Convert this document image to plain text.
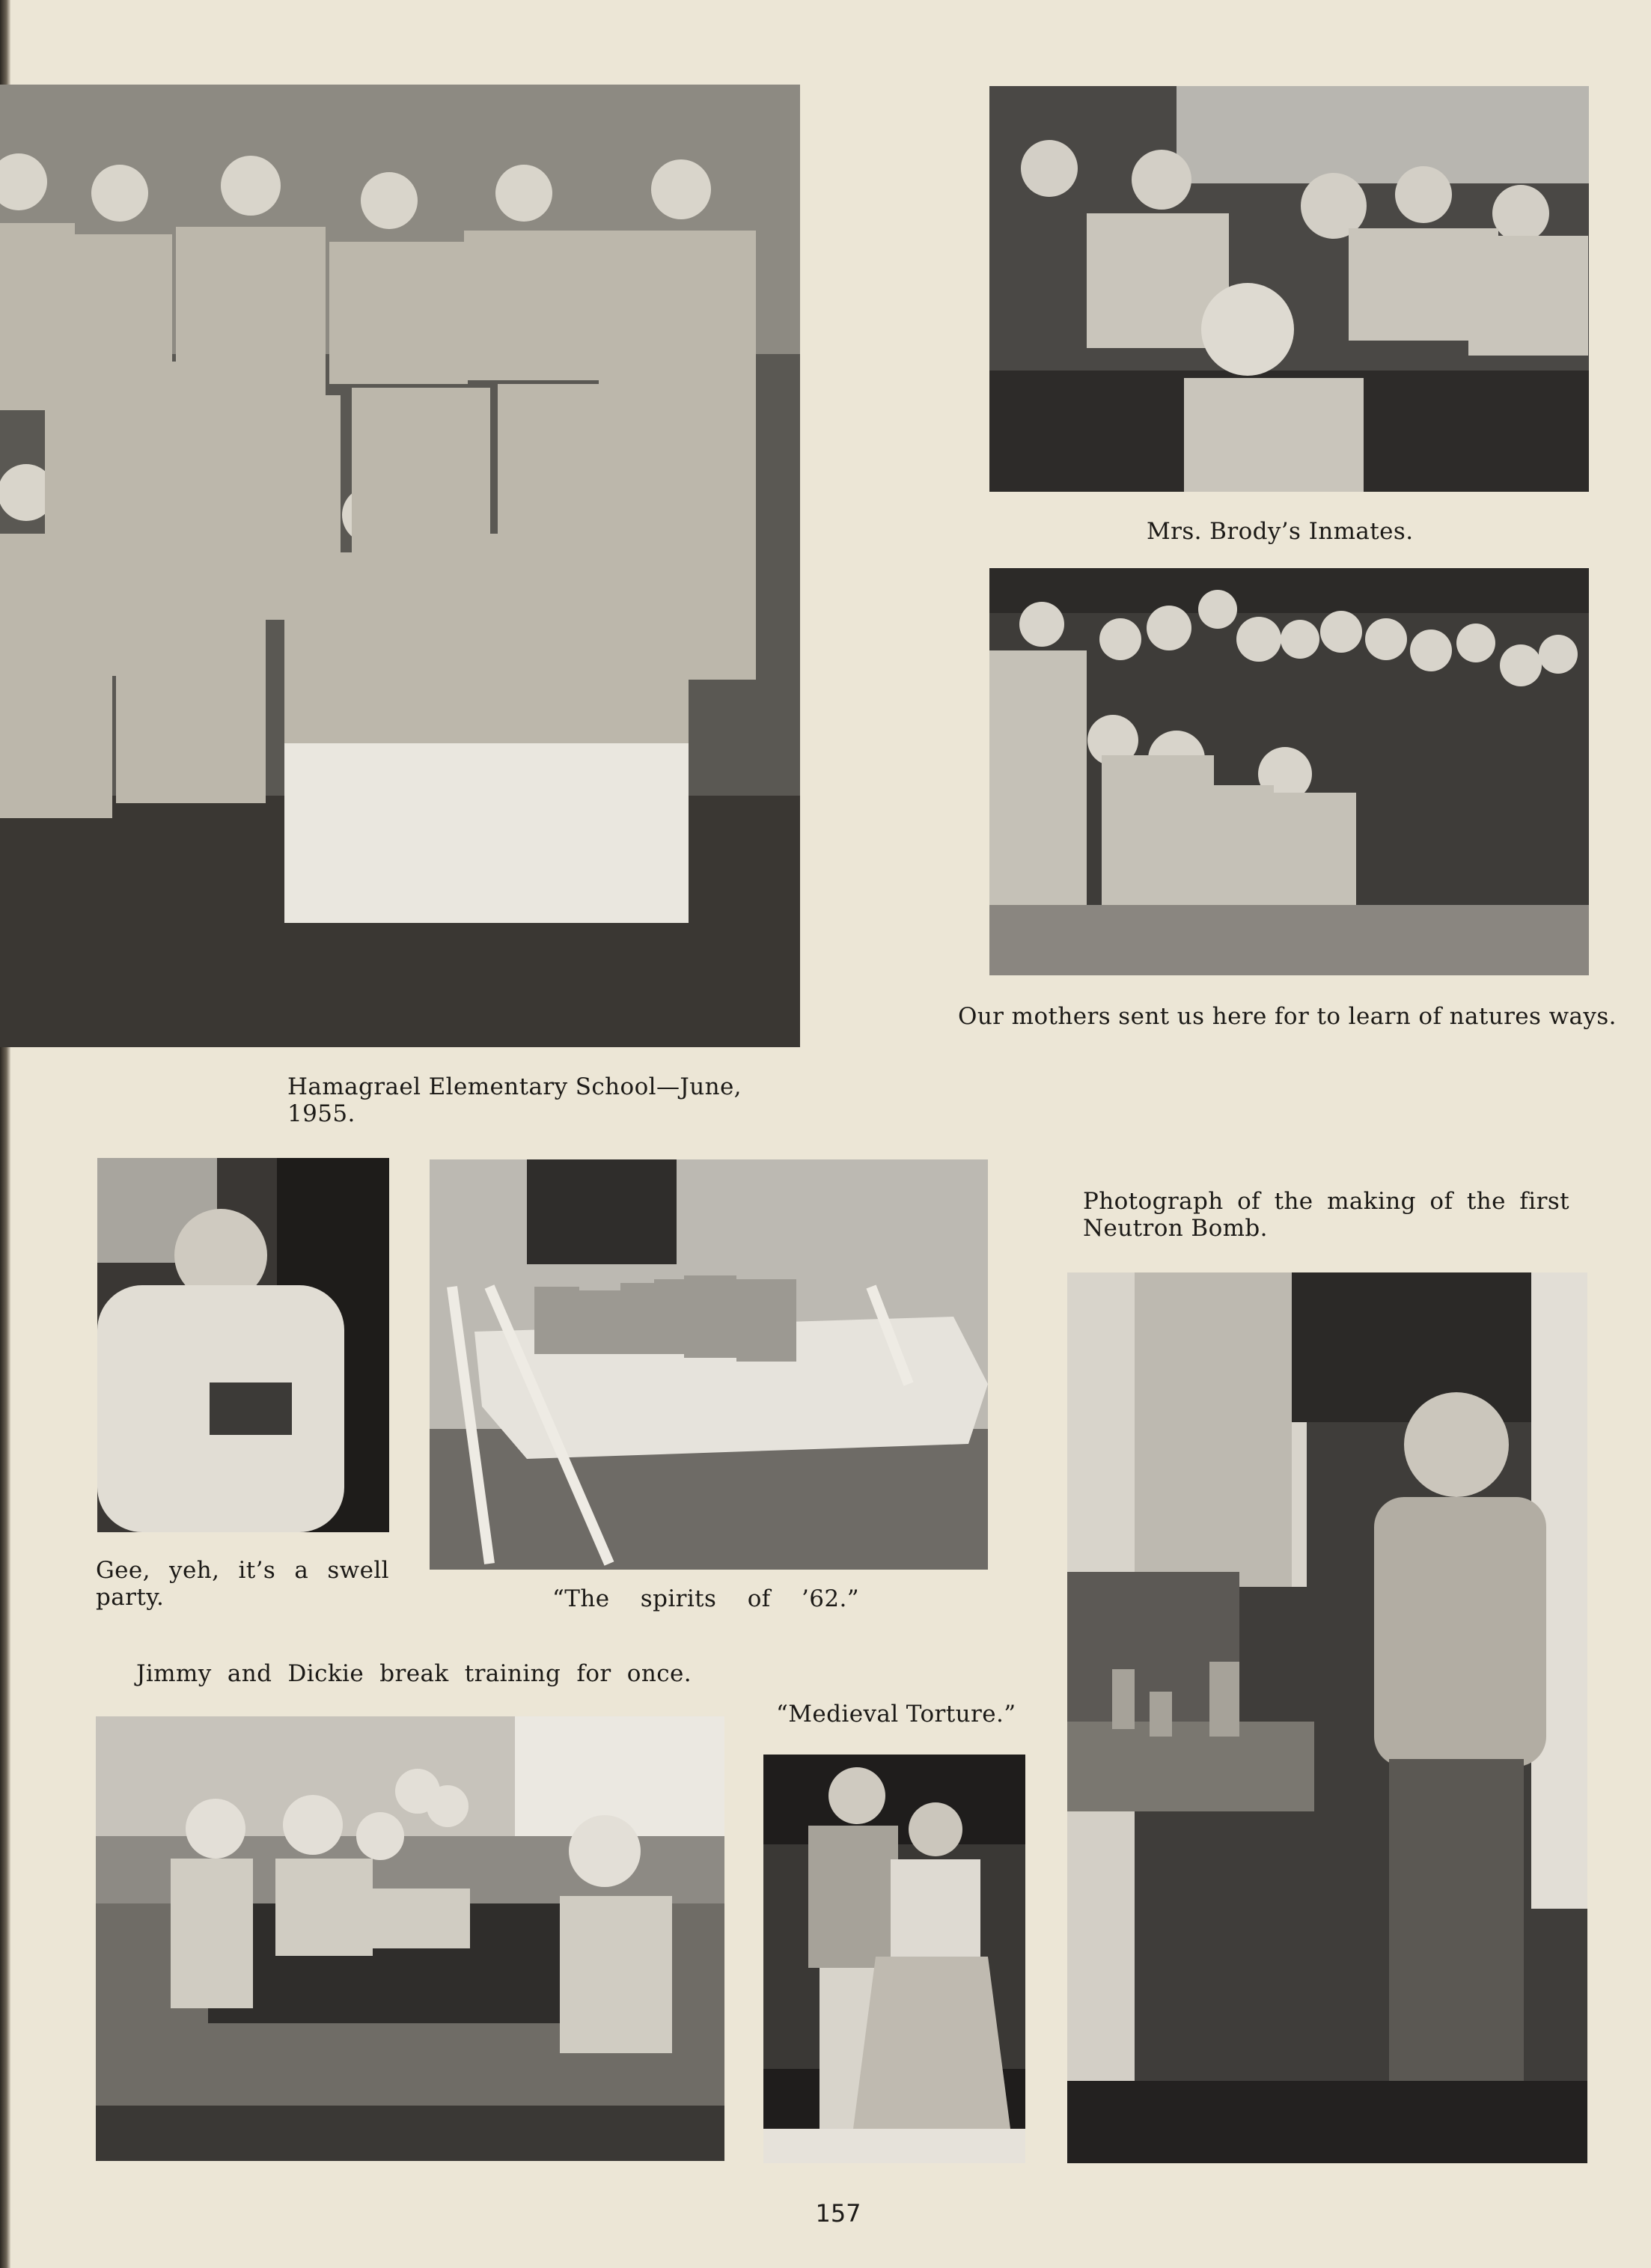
Hamagrael Elementary School—June, 1955.

Mrs. Brody’s Inmates.

Our mothers sent us here for to learn of natures ways.

Gee, yeh, it’s a swell party.	“The spirits of ’62.”

Photograph of the making of the first Neutron Bomb.

Jimmy and Dickie break training for once.

“Medieval Torture.”

157
